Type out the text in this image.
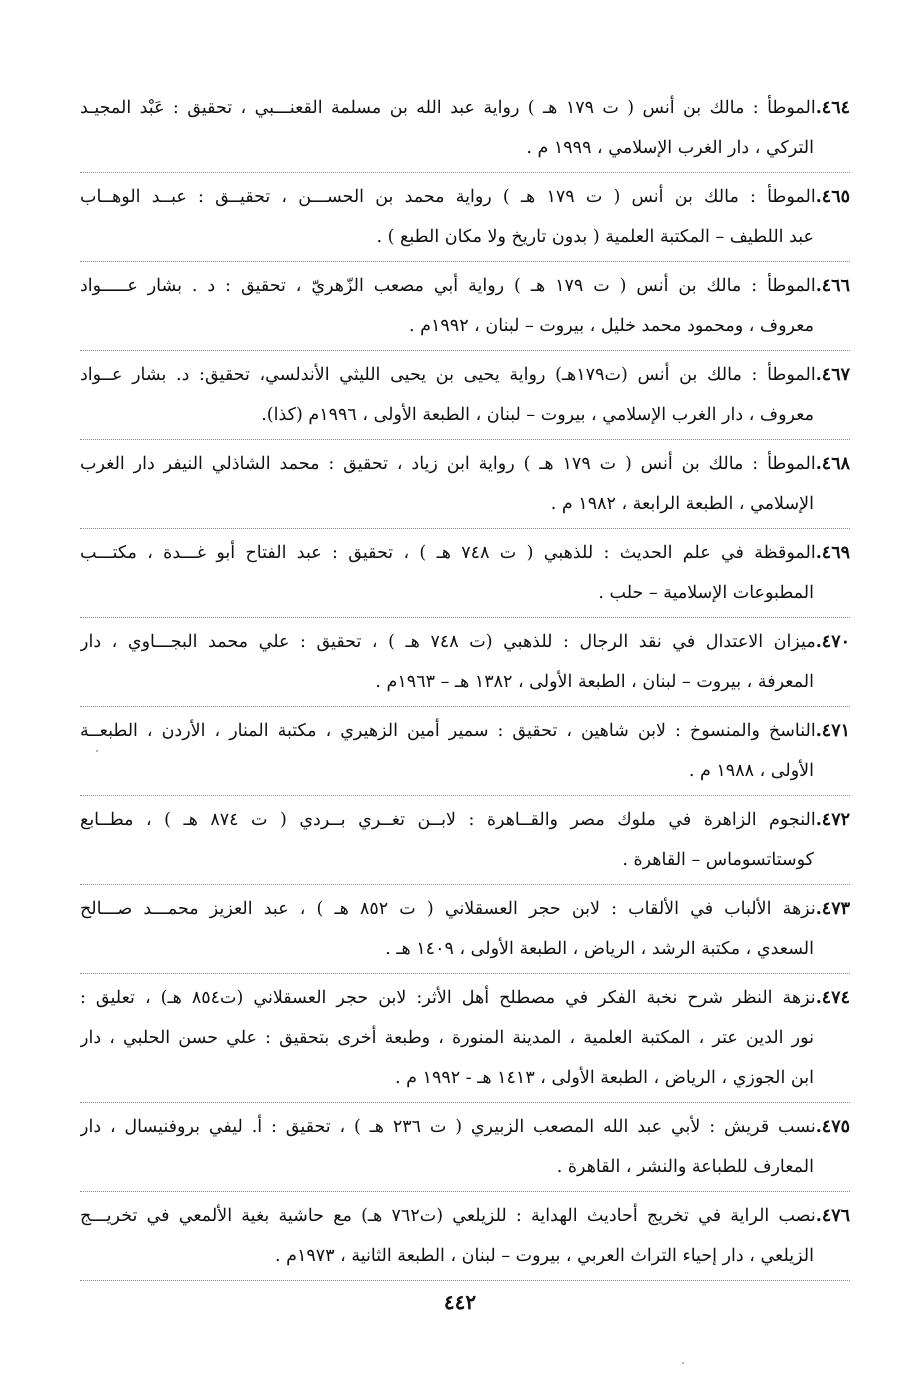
٤٦٤.الموطأ : مالك بن أنس ( ت ١٧٩ هـ ) رواية عبد الله بن مسلمة القعنـــبي ، تحقيق : عَبْد المجيـد
التركي ، دار الغرب الإسلامي ، ١٩٩٩ م .
٤٦٥.الموطأ : مالك بن أنس ( ت ١٧٩ هـ ) رواية محمد بن الحســـن ، تحقيــق : عبــد الوهــاب
عبد اللطيف – المكتبة العلمية ( بدون تاريخ ولا مكان الطبع ) .
٤٦٦.الموطأ : مالك بن أنس ( ت ١٧٩ هـ ) رواية أبي مصعب الزّهريّ ، تحقيق : د . بشار عـــــواد
معروف ، ومحمود محمد خليل ، بيروت – لبنان ، ١٩٩٢م .
٤٦٧.الموطأ : مالك بن أنس (ت١٧٩هـ) رواية يحيى بن يحيى الليثي الأندلسي، تحقيق: د. بشار عــواد
معروف ، دار الغرب الإسلامي ، بيروت – لبنان ، الطبعة الأولى ، ١٩٩٦م (كذا).
٤٦٨.الموطأ : مالك بن أنس ( ت ١٧٩ هـ ) رواية ابن زياد ، تحقيق : محمد الشاذلي النيفر دار الغرب
الإسلامي ، الطبعة الرابعة ، ١٩٨٢ م .
٤٦٩.الموقظة في علم الحديث : للذهبي ( ت ٧٤٨ هـ ) ، تحقيق : عبد الفتاح أبو غـــدة ، مكتـــب
المطبوعات الإسلامية – حلب .
٤٧٠.ميزان الاعتدال في نقد الرجال : للذهبي (ت ٧٤٨ هـ ) ، تحقيق : علي محمد البجـــاوي ، دار
المعرفة ، بيروت – لبنان ، الطبعة الأولى ، ١٣٨٢ هـ – ١٩٦٣م .
٤٧١.الناسخ والمنسوخ : لابن شاهين ، تحقيق : سمير أمين الزهيري ، مكتبة المنار ، الأردن ، الطبعــة
الأولى ، ١٩٨٨ م .
٤٧٢.النجوم الزاهرة في ملوك مصر والقــاهرة : لابــن تغــري بــردي ( ت ٨٧٤ هـ ) ، مطــابع
كوستاتسوماس – القاهرة .
٤٧٣.نزهة الألباب في الألقاب : لابن حجر العسقلاني ( ت ٨٥٢ هـ ) ، عبد العزيز محمـــد صـــالح
السعدي ، مكتبة الرشد ، الرياض ، الطبعة الأولى ، ١٤٠٩ هـ .
٤٧٤.نزهة النظر شرح نخبة الفكر في مصطلح أهل الأثر: لابن حجر العسقلاني (ت٨٥٤ هـ) ، تعليق :
نور الدين عتر ، المكتبة العلمية ، المدينة المنورة ، وطبعة أخرى بتحقيق : علي حسن الحلبي ، دار
ابن الجوزي ، الرياض ، الطبعة الأولى ، ١٤١٣ هـ - ١٩٩٢ م .
٤٧٥.نسب قريش : لأبي عبد الله المصعب الزبيري ( ت ٢٣٦ هـ ) ، تحقيق : أ. ليفي بروفنيسال ، دار
المعارف للطباعة والنشر ، القاهرة .
٤٧٦.نصب الراية في تخريج أحاديث الهداية : للزيلعي (ت٧٦٢ هـ) مع حاشية بغية الألمعي في تخريـــج
الزيلعي ، دار إحياء التراث العربي ، بيروت – لبنان ، الطبعة الثانية ، ١٩٧٣م .
٤٤٢
